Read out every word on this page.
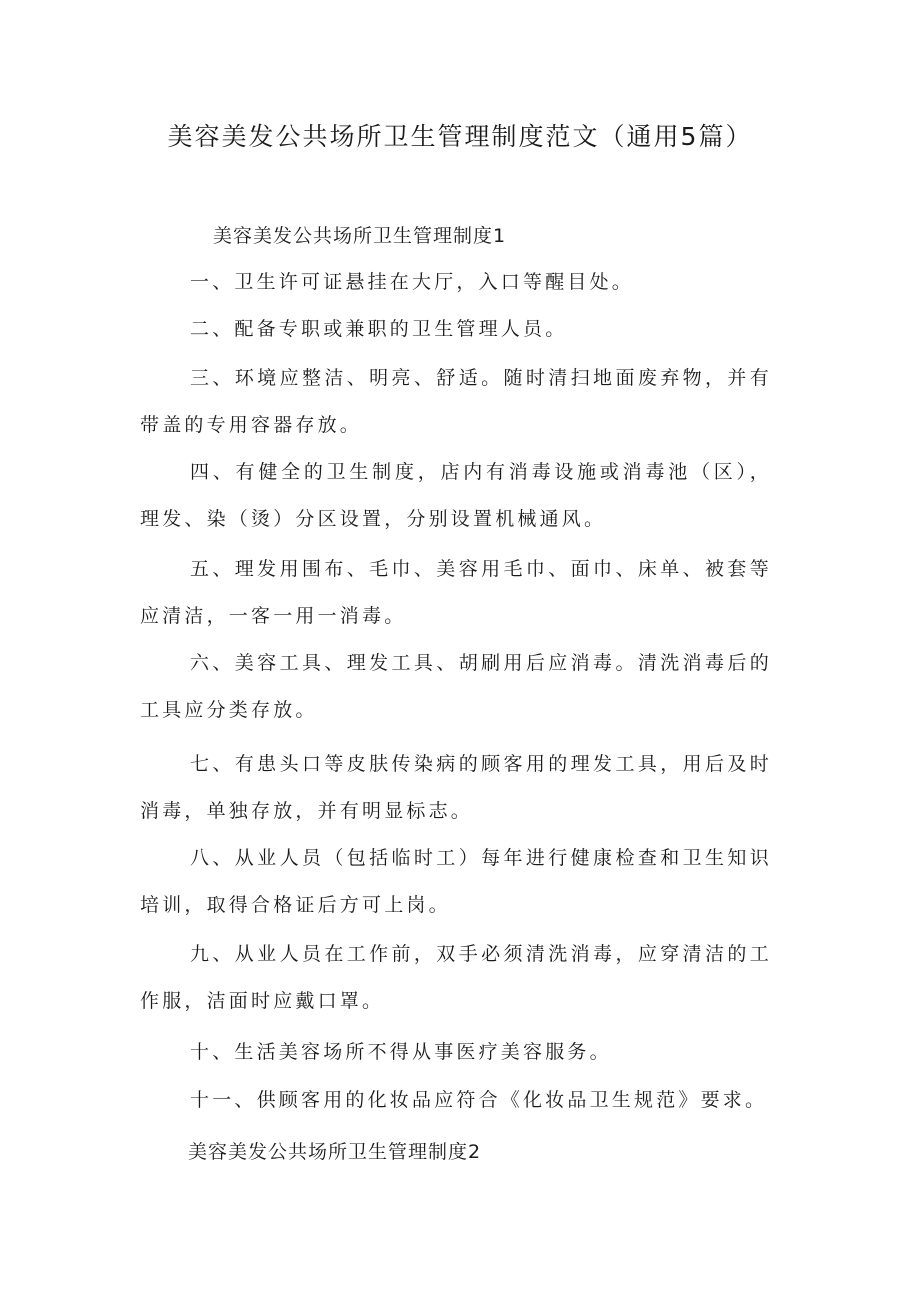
美容美发公共场所卫生管理制度范文（通用5篇）
美容美发公共场所卫生管理制度1

一、卫生许可证悬挂在大厅，入口等醒目处。

二、配备专职或兼职的卫生管理人员。

三、环境应整洁、明亮、舒适。随时清扫地面废弃物，并有带盖的专用容器存放。

四、有健全的卫生制度，店内有消毒设施或消毒池（区），理发、染（烫）分区设置，分别设置机械通风。

五、理发用围布、毛巾、美容用毛巾、面巾、床单、被套等应清洁，一客一用一消毒。

六、美容工具、理发工具、胡刷用后应消毒。清洗消毒后的工具应分类存放。

七、有患头口等皮肤传染病的顾客用的理发工具，用后及时消毒，单独存放，并有明显标志。

八、从业人员（包括临时工）每年进行健康检查和卫生知识培训，取得合格证后方可上岗。

九、从业人员在工作前，双手必须清洗消毒，应穿清洁的工作服，洁面时应戴口罩。

十、生活美容场所不得从事医疗美容服务。

十一、供顾客用的化妆品应符合《化妆品卫生规范》要求。

美容美发公共场所卫生管理制度2
